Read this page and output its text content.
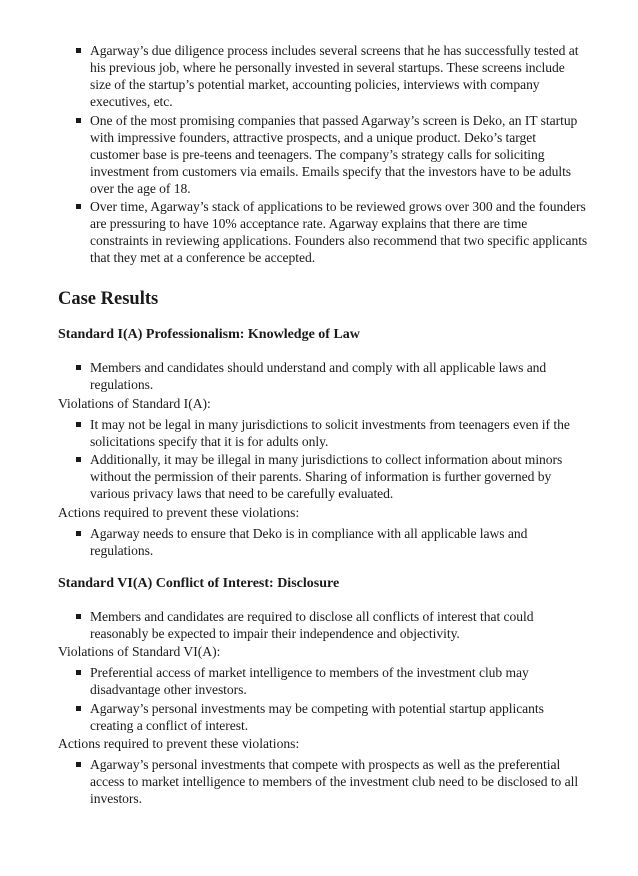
Agarway’s due diligence process includes several screens that he has successfully tested at his previous job, where he personally invested in several startups. These screens include size of the startup’s potential market, accounting policies, interviews with company executives, etc.
One of the most promising companies that passed Agarway’s screen is Deko, an IT startup with impressive founders, attractive prospects, and a unique product. Deko’s target customer base is pre-teens and teenagers. The company’s strategy calls for soliciting investment from customers via emails. Emails specify that the investors have to be adults over the age of 18.
Over time, Agarway’s stack of applications to be reviewed grows over 300 and the founders are pressuring to have 10% acceptance rate. Agarway explains that there are time constraints in reviewing applications. Founders also recommend that two specific applicants that they met at a conference be accepted.
Case Results
Standard I(A) Professionalism: Knowledge of Law
Members and candidates should understand and comply with all applicable laws and regulations.
Violations of Standard I(A):
It may not be legal in many jurisdictions to solicit investments from teenagers even if the solicitations specify that it is for adults only.
Additionally, it may be illegal in many jurisdictions to collect information about minors without the permission of their parents. Sharing of information is further governed by various privacy laws that need to be carefully evaluated.
Actions required to prevent these violations:
Agarway needs to ensure that Deko is in compliance with all applicable laws and regulations.
Standard VI(A) Conflict of Interest: Disclosure
Members and candidates are required to disclose all conflicts of interest that could reasonably be expected to impair their independence and objectivity.
Violations of Standard VI(A):
Preferential access of market intelligence to members of the investment club may disadvantage other investors.
Agarway’s personal investments may be competing with potential startup applicants creating a conflict of interest.
Actions required to prevent these violations:
Agarway’s personal investments that compete with prospects as well as the preferential access to market intelligence to members of the investment club need to be disclosed to all investors.
